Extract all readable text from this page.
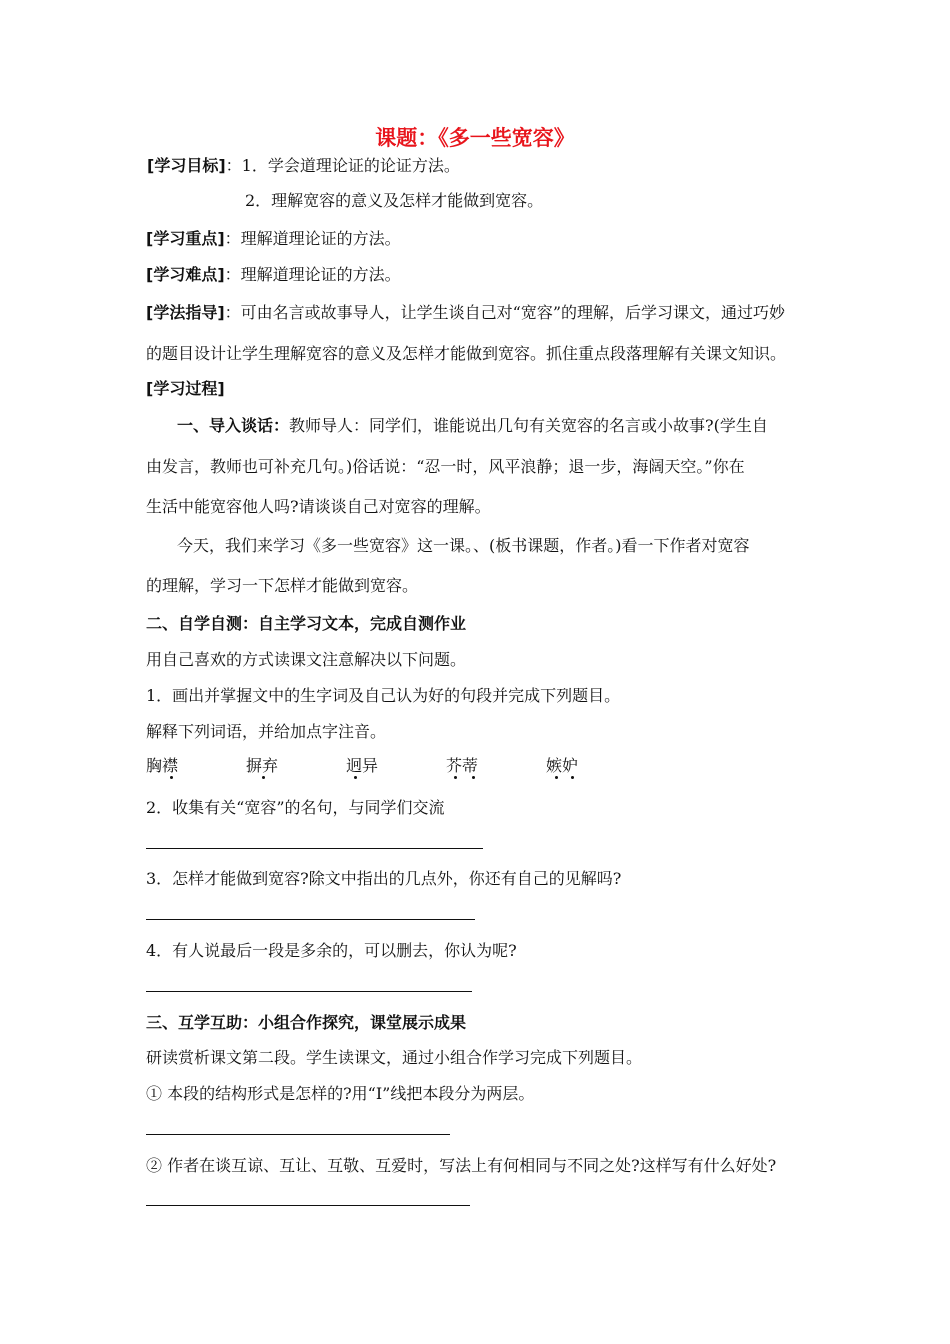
课题：《多一些宽容》
[学习目标]：1．学会道理论证的论证方法。
2．理解宽容的意义及怎样才能做到宽容。
[学习重点]：理解道理论证的方法。
[学习难点]：理解道理论证的方法。
[学法指导]：可由名言或故事导人，让学生谈自己对“宽容”的理解，后学习课文，通过巧妙
的题目设计让学生理解宽容的意义及怎样才能做到宽容。抓住重点段落理解有关课文知识。
[学习过程]
一、导入谈话：教师导人：同学们，谁能说出几句有关宽容的名言或小故事?(学生自
由发言，教师也可补充几句。)俗话说：“忍一时，风平浪静；退一步，海阔天空。”你在
生活中能宽容他人吗?请谈谈自己对宽容的理解。
今天，我们来学习《多一些宽容》这一课。、(板书课题，作者。)看一下作者对宽容
的理解，学习一下怎样才能做到宽容。
二、自学自测：自主学习文本，完成自测作业
用自己喜欢的方式读课文注意解决以下问题。
1．画出并掌握文中的生字词及自己认为好的句段并完成下列题目。
解释下列词语，并给加点字注音。
胸襟	摒弃	迥异	芥蒂	嫉妒
2．收集有关“宽容”的名句，与同学们交流
3．怎样才能做到宽容?除文中指出的几点外，你还有自己的见解吗?
4．有人说最后一段是多余的，可以删去，你认为呢?
三、互学互助：小组合作探究，课堂展示成果
研读赏析课文第二段。学生读课文，通过小组合作学习完成下列题目。
① 本段的结构形式是怎样的?用“I”线把本段分为两层。
② 作者在谈互谅、互让、互敬、互爱时，写法上有何相同与不同之处?这样写有什么好处?
